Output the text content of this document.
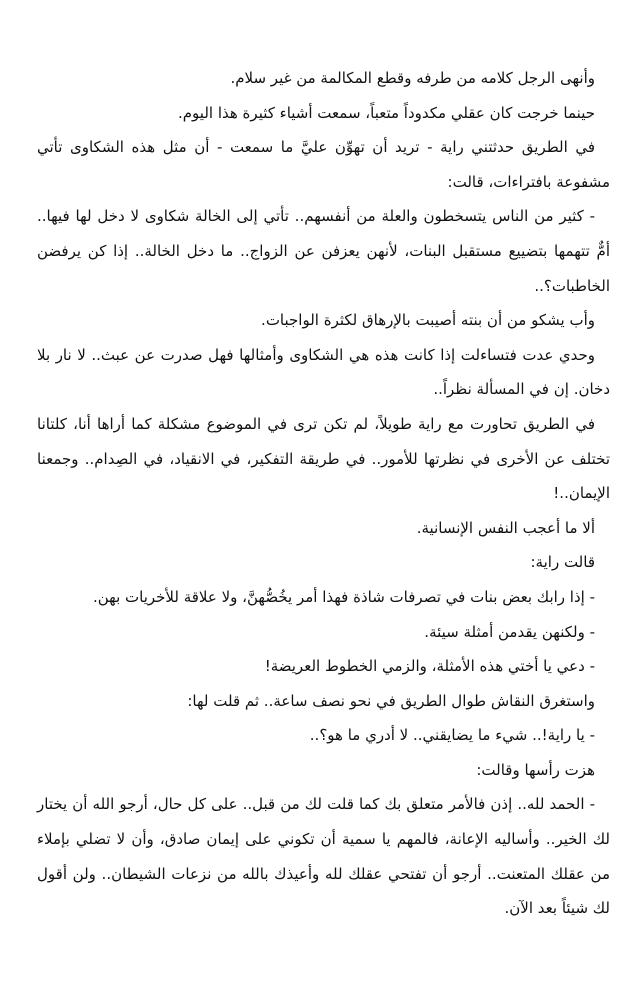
وأنهى الرجل كلامه من طرفه وقطع المكالمة من غير سلام.

حينما خرجت كان عقلي مكدوداً متعباً، سمعت أشياء كثيرة هذا اليوم.

في الطريق حدثتني راية - تريد أن تهوِّن عليَّ ما سمعت - أن مثل هذه الشكاوى تأتي مشفوعة بافتراءات، قالت:

- كثير من الناس يتسخطون والعلة من أنفسهم.. تأتي إلى الخالة شكاوى لا دخل لها فيها.. أمٌّ تتهمها بتضييع مستقبل البنات، لأنهن يعزفن عن الزواج.. ما دخل الخالة.. إذا كن يرفضن الخاطبات؟..

وأب يشكو من أن بنته أصيبت بالإرهاق لكثرة الواجبات.

وحدي عدت فتساءلت إذا كانت هذه هي الشكاوى وأمثالها فهل صدرت عن عبث.. لا نار بلا دخان. إن في المسألة نظراً..

في الطريق تحاورت مع راية طويلاً، لم تكن ترى في الموضوع مشكلة كما أراها أنا، كلتانا تختلف عن الأخرى في نظرتها للأمور.. في طريقة التفكير، في الانقياد، في الصِدام.. وجمعنا الإيمان..!

ألا ما أعجب النفس الإنسانية.

قالت راية:

- إذا رابك بعض بنات في تصرفات شاذة فهذا أمر يخُصُّهنَّ، ولا علاقة للأخريات بهن.

- ولكنهن يقدمن أمثلة سيئة.

- دعي يا أختي هذه الأمثلة، والزمي الخطوط العريضة!

واستغرق النقاش طوال الطريق في نحو نصف ساعة.. ثم قلت لها:

- يا راية!.. شيء ما يضايقني.. لا أدري ما هو؟..

هزت رأسها وقالت:

- الحمد لله.. إذن فالأمر متعلق بك كما قلت لك من قبل.. على كل حال، أرجو الله أن يختار لك الخير.. وأساليه الإعانة، فالمهم يا سمية أن تكوني على إيمان صادق، وأن لا تضلي بإملاء من عقلك المتعنت.. أرجو أن تفتحي عقلك لله وأعيذك بالله من نزعات الشيطان.. ولن أقول لك شيئاً بعد الآن.
